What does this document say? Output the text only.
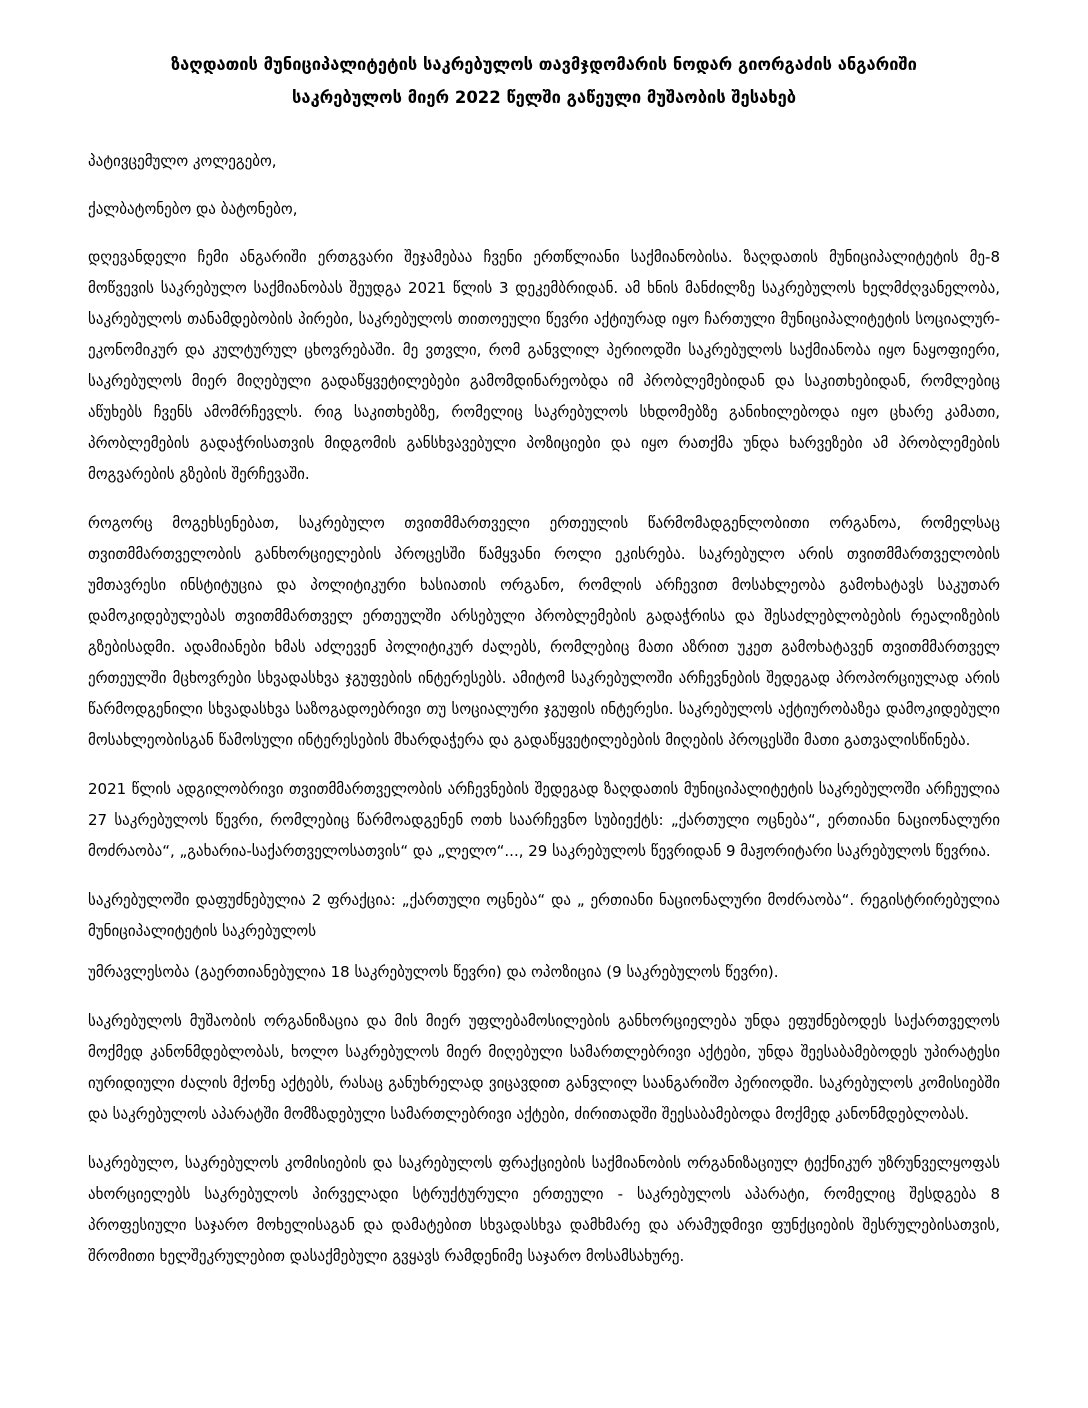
ზაღდათის მუნიციპალიტეტის საკრებულოს თავმჯდომარის ნოდარ გიორგაძის ანგარიში
საკრებულოს მიერ 2022 წელში გაწეული მუშაობის შესახებ

პატივცემულო კოლეგებო,

ქალბატონებო და ბატონებო,

დღევანდელი ჩემი ანგარიში ერთგვარი შეჯამებაა ჩვენი ერთწლიანი საქმიანობისა. ზაღდათის მუნიციპალიტეტის მე-8 მოწვევის საკრებულო საქმიანობას შეუდგა 2021 წლის 3 დეკემბრიდან. ამ ხნის მანძილზე საკრებულოს ხელმძღვანელობა, საკრებულოს თანამდებობის პირები, საკრებულოს თითოეული წევრი აქტიურად იყო ჩართული მუნიციპალიტეტის სოციალურ-ეკონომიკურ და კულტურულ ცხოვრებაში. მე ვთვლი, რომ განვლილ პერიოდში საკრებულოს საქმიანობა იყო ნაყოფიერი, საკრებულოს მიერ მიღებული გადაწყვეტილებები გამომდინარეობდა იმ პრობლემებიდან და საკითხებიდან, რომლებიც აწუხებს ჩვენს ამომრჩევლს. რიგ საკითხებზე, რომელიც საკრებულოს სხდომებზე განიხილებოდა იყო ცხარე კამათი, პრობლემების გადაჭრისათვის მიდგომის განსხვავებული პოზიციები და იყო რათქმა უნდა ხარვეზები ამ პრობლემების მოგვარების გზების შერჩევაში.

როგორც მოგეხსენებათ, საკრებულო თვითმმართველი ერთეულის წარმომადგენლობითი ორგანოა, რომელსაც თვითმმართველობის განხორციელების პროცესში წამყვანი როლი ეკისრება. საკრებულო არის თვითმმართველობის უმთავრესი ინსტიტუცია და პოლიტიკური ხასიათის ორგანო, რომლის არჩევით მოსახლეობა გამოხატავს საკუთარ დამოკიდებულებას თვითმმართველ ერთეულში არსებული პრობლემების გადაჭრისა და შესაძლებლობების რეალიზების გზებისადმი. ადამიანები ხმას აძლევენ პოლიტიკურ ძალებს, რომლებიც მათი აზრით უკეთ გამოხატავენ თვითმმართველ ერთეულში მცხოვრები სხვადასხვა ჯგუფების ინტერესებს. ამიტომ საკრებულოში არჩევნების შედეგად პროპორციულად არის წარმოდგენილი სხვადასხვა საზოგადოებრივი თუ სოციალური ჯგუფის ინტერესი. საკრებულოს აქტიურობაზეა დამოკიდებული მოსახლეობისგან წამოსული ინტერესების მხარდაჭერა და გადაწყვეტილებების მიღების პროცესში მათი გათვალისწინება.

2021 წლის ადგილობრივი თვითმმართველობის არჩევნების შედეგად ზაღდათის მუნიციპალიტეტის საკრებულოში არჩეულია 27 საკრებულოს წევრი, რომლებიც წარმოადგენენ ოთხ საარჩევნო სუბიექტს: „ქართული ოცნება“, ერთიანი ნაციონალური მოძრაობა“, „გახარია-საქართველოსათვის“ და „ლელო“..., 29 საკრებულოს წევრიდან 9 მაჟორიტარი საკრებულოს წევრია.

საკრებულოში დაფუძნებულია 2 ფრაქცია: „ქართული ოცნება“ და „ ერთიანი ნაციონალური მოძრაობა“. რეგისტრირებულია მუნიციპალიტეტის საკრებულოს

უმრავლესობა (გაერთიანებულია 18 საკრებულოს წევრი) და ოპოზიცია (9 საკრებულოს წევრი).

საკრებულოს მუშაობის ორგანიზაცია და მის მიერ უფლებამოსილების განხორციელება უნდა ეფუძნებოდეს საქართველოს მოქმედ კანონმდებლობას, ხოლო საკრებულოს მიერ მიღებული სამართლებრივი აქტები, უნდა შეესაბამებოდეს უპირატესი იურიდიული ძალის მქონე აქტებს, რასაც განუხრელად ვიცავდით განვლილ საანგარიშო პერიოდში. საკრებულოს კომისიებში და საკრებულოს აპარატში მომზადებული სამართლებრივი აქტები, ძირითადში შეესაბამებოდა მოქმედ კანონმდებლობას.

საკრებულო, საკრებულოს კომისიების და საკრებულოს ფრაქციების საქმიანობის ორგანიზაციულ ტექნიკურ უზრუნველყოფას ახორციელებს საკრებულოს პირველადი სტრუქტურული ერთეული - საკრებულოს აპარატი, რომელიც შესდგება 8 პროფესიული საჯარო მოხელისაგან და დამატებით სხვადასხვა დამხმარე და არამუდმივი ფუნქციების შესრულებისათვის, შრომითი ხელშეკრულებით დასაქმებული გვყავს რამდენიმე საჯარო მოსამსახურე.
